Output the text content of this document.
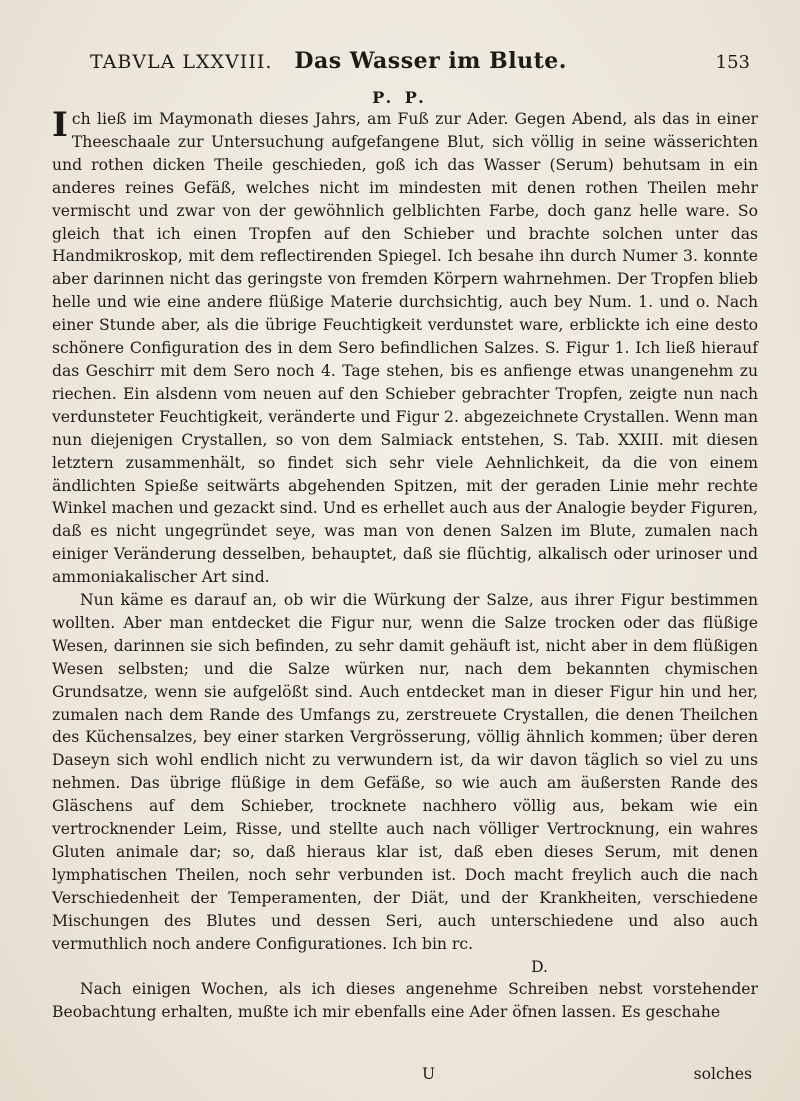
TABVLA LXXVIII. Das Wasser im Blute.	153
P. P.

Ich ließ im Maymonath dieses Jahrs, am Fuß zur Ader. Gegen Abend, als das in einer Theeschaale zur Untersuchung aufgefangene Blut, sich völlig in seine wässerichten und rothen dicken Theile geschieden, goß ich das Wasser (Serum) behutsam in ein anderes reines Gefäß, welches nicht im mindesten mit denen rothen Theilen mehr vermischt und zwar von der gewöhnlich gelblichten Farbe, doch ganz helle ware. So gleich that ich einen Tropfen auf den Schieber und brachte solchen unter das Handmikroskop, mit dem reflectirenden Spiegel. Ich besahe ihn durch Numer 3. konnte aber darinnen nicht das geringste von fremden Körpern wahrnehmen. Der Tropfen blieb helle und wie eine andere flüßige Materie durchsichtig, auch bey Num. 1. und o. Nach einer Stunde aber, als die übrige Feuchtigkeit verdunstet ware, erblickte ich eine desto schönere Configuration des in dem Sero befindlichen Salzes. S. Figur 1. Ich ließ hierauf das Geschirr mit dem Sero noch 4. Tage stehen, bis es anfienge etwas unangenehm zu riechen. Ein alsdenn vom neuen auf den Schieber gebrachter Tropfen, zeigte nun nach verdunsteter Feuchtigkeit, veränderte und Figur 2. abgezeichnete Crystallen. Wenn man nun diejenigen Crystallen, so von dem Salmiack entstehen, S. Tab. XXIII. mit diesen letztern zusammenhält, so findet sich sehr viele Aehnlichkeit, da die von einem ändlichten Spieße seitwärts abgehenden Spitzen, mit der geraden Linie mehr rechte Winkel machen und gezackt sind. Und es erhellet auch aus der Analogie beyder Figuren, daß es nicht ungegründet seye, was man von denen Salzen im Blute, zumalen nach einiger Veränderung desselben, behauptet, daß sie flüchtig, alkalisch oder urinoser und ammoniakalischer Art sind.

Nun käme es darauf an, ob wir die Würkung der Salze, aus ihrer Figur bestimmen wollten. Aber man entdecket die Figur nur, wenn die Salze trocken oder das flüßige Wesen, darinnen sie sich befinden, zu sehr damit gehäuft ist, nicht aber in dem flüßigen Wesen selbsten; und die Salze würken nur, nach dem bekannten chymischen Grundsatze, wenn sie aufgelößt sind. Auch entdecket man in dieser Figur hin und her, zumalen nach dem Rande des Umfangs zu, zerstreuete Crystallen, die denen Theilchen des Küchensalzes, bey einer starken Vergrösserung, völlig ähnlich kommen; über deren Daseyn sich wohl endlich nicht zu verwundern ist, da wir davon täglich so viel zu uns nehmen. Das übrige flüßige in dem Gefäße, so wie auch am äußersten Rande des Gläschens auf dem Schieber, trocknete nachhero völlig aus, bekam wie ein vertrocknender Leim, Risse, und stellte auch nach völliger Vertrocknung, ein wahres Gluten animale dar; so, daß hieraus klar ist, daß eben dieses Serum, mit denen lymphatischen Theilen, noch sehr verbunden ist. Doch macht freylich auch die nach Verschiedenheit der Temperamenten, der Diät, und der Krankheiten, verschiedene Mischungen des Blutes und dessen Seri, auch unterschiedene und also auch vermuthlich noch andere Configurationes. Ich bin rc.

D.

Nach einigen Wochen, als ich dieses angenehme Schreiben nebst vorstehender Beobachtung erhalten, mußte ich mir ebenfalls eine Ader öfnen lassen. Es geschahe

U	solches
